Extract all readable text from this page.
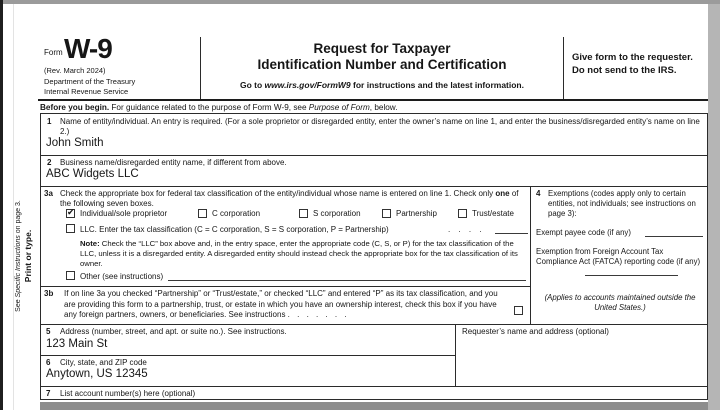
Form W-9
(Rev. March 2024)
Department of the Treasury
Internal Revenue Service
Request for Taxpayer
Identification Number and Certification
Go to www.irs.gov/FormW9 for instructions and the latest information.
Give form to the requester. Do not send to the IRS.
Before you begin. For guidance related to the purpose of Form W-9, see Purpose of Form, below.
See Specific Instructions on page 3.
Print or type.
1 Name of entity/individual. An entry is required. (For a sole proprietor or disregarded entity, enter the owner’s name on line 1, and enter the business/disregarded entity’s name on line 2.)
John Smith
2 Business name/disregarded entity name, if different from above.
ABC Widgets LLC
3a Check the appropriate box for federal tax classification of the entity/individual whose name is entered on line 1. Check only one of the following seven boxes.
✔ Individual/sole proprietor	C corporation	S corporation	Partnership	Trust/estate
LLC. Enter the tax classification (C = C corporation, S = S corporation, P = Partnership)	. . . .
Note: Check the “LLC” box above and, in the entry space, enter the appropriate code (C, S, or P) for the tax classification of the LLC, unless it is a disregarded entity. A disregarded entity should instead check the appropriate box for the tax classification of its owner.
Other (see instructions)
3b If on line 3a you checked “Partnership” or “Trust/estate,” or checked “LLC” and entered “P” as its tax classification, and you are providing this form to a partnership, trust, or estate in which you have an ownership interest, check this box if you have any foreign partners, owners, or beneficiaries. See instructions . . . . . . .
4 Exemptions (codes apply only to certain entities, not individuals; see instructions on page 3):
Exempt payee code (if any)
Exemption from Foreign Account Tax Compliance Act (FATCA) reporting code (if any)
(Applies to accounts maintained outside the United States.)
5 Address (number, street, and apt. or suite no.). See instructions.
123 Main St
Requester’s name and address (optional)
6 City, state, and ZIP code
Anytown, US 12345
7 List account number(s) here (optional)
